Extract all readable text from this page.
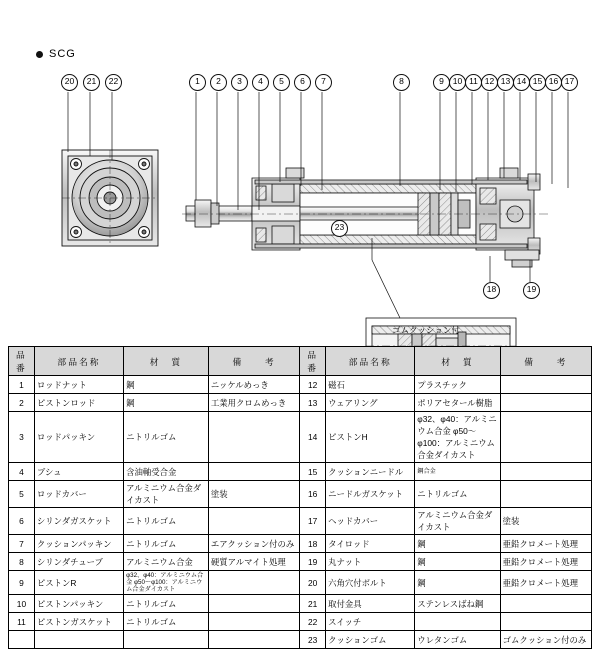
SCG
1	2	3	4	5	6	7	8	9	10 11 12 13 14 15 16 17
20	21	22
18	19
23
ゴムクッション付
品番	部品名称	材　質	備　　考	品番	部品名称	材　質	備　　考
1	ロッドナット	鋼	ニッケルめっき	12	磁石	プラスチック	
2	ピストンロッド	鋼	工業用クロムめっき	13	ウェアリング	ポリアセタール樹脂	
3	ロッドパッキン	ニトリルゴム		14	ピストンH	φ32、φ40：アルミニウム合金 φ50～φ100：アルミニウム合金ダイカスト	
4	ブシュ	含油軸受合金		15	クッションニードル	鋼合金	
5	ロッドカバー	アルミニウム合金ダイカスト	塗装	16	ニードルガスケット	ニトリルゴム	
6	シリンダガスケット	ニトリルゴム		17	ヘッドカバー	アルミニウム合金ダイカスト	塗装
7	クッションパッキン	ニトリルゴム	エアクッション付のみ	18	タイロッド	鋼	亜鉛クロメート処理
8	シリンダチューブ	アルミニウム合金	硬質アルマイト処理	19	丸ナット	鋼	亜鉛クロメート処理
9	ピストンR	φ32、φ40：アルミニウム合金 φ50～φ100：アルミニウム合金ダイカスト		20	六角穴付ボルト	鋼	亜鉛クロメート処理
10	ピストンパッキン	ニトリルゴム		21	取付金具	ステンレスばね鋼	
11	ピストンガスケット	ニトリルゴム		22	スイッチ		
				23	クッションゴム	ウレタンゴム	ゴムクッション付のみ
